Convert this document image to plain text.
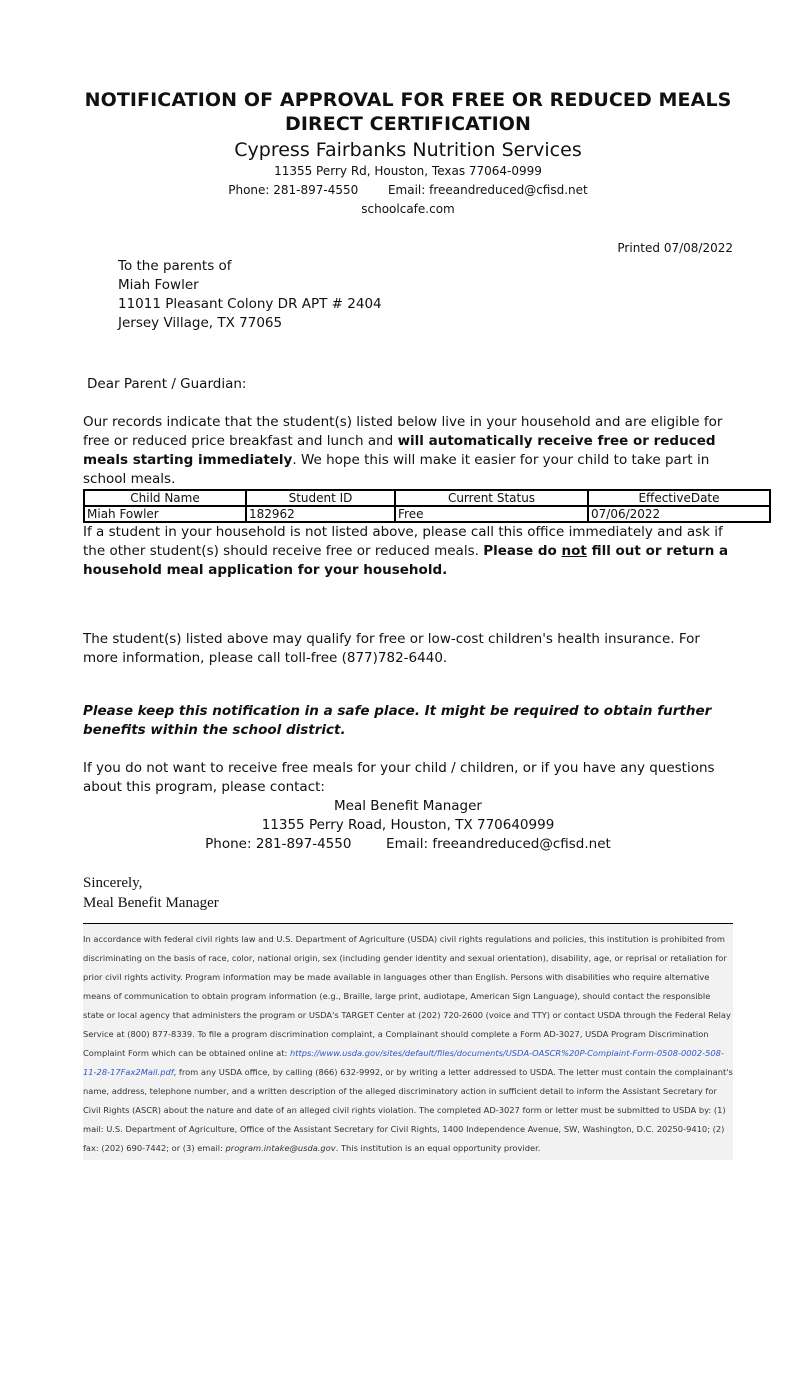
NOTIFICATION OF APPROVAL FOR FREE OR REDUCED MEALS
DIRECT CERTIFICATION
Cypress Fairbanks Nutrition Services
11355 Perry Rd, Houston, Texas 77064-0999
Phone: 281-897-4550 Email: freeandreduced@cfisd.net
schoolcafe.com
Printed 07/08/2022
To the parents of
Miah Fowler
11011 Pleasant Colony DR APT # 2404
Jersey Village, TX 77065
Dear Parent / Guardian:

Our records indicate that the student(s) listed below live in your household and are eligible for free or reduced price breakfast and lunch and will automatically receive free or reduced meals starting immediately. We hope this will make it easier for your child to take part in school meals.

Child Name	Student ID	Current Status	EffectiveDate
Miah Fowler	182962	Free	07/06/2022

If a student in your household is not listed above, please call this office immediately and ask if the other student(s) should receive free or reduced meals. Please do not fill out or return a household meal application for your household.

The student(s) listed above may qualify for free or low-cost children's health insurance. For more information, please call toll-free (877)782-6440.

Please keep this notification in a safe place. It might be required to obtain further benefits within the school district.

If you do not want to receive free meals for your child / children, or if you have any questions about this program, please contact:

Meal Benefit Manager
11355 Perry Road, Houston, TX 770640999
Phone: 281-897-4550	Email: freeandreduced@cfisd.net
Sincerely,
Meal Benefit Manager
In accordance with federal civil rights law and U.S. Department of Agriculture (USDA) civil rights regulations and policies, this institution is prohibited from discriminating on the basis of race, color, national origin, sex (including gender identity and sexual orientation), disability, age, or reprisal or retaliation for prior civil rights activity. Program information may be made available in languages other than English. Persons with disabilities who require alternative means of communication to obtain program information (e.g., Braille, large print, audiotape, American Sign Language), should contact the responsible state or local agency that administers the program or USDA's TARGET Center at (202) 720-2600 (voice and TTY) or contact USDA through the Federal Relay Service at (800) 877-8339. To file a program discrimination complaint, a Complainant should complete a Form AD-3027, USDA Program Discrimination Complaint Form which can be obtained online at: https://www.usda.gov/sites/default/files/documents/USDA-OASCR%20P-Complaint-Form-0508-0002-508-11-28-17Fax2Mail.pdf, from any USDA office, by calling (866) 632-9992, or by writing a letter addressed to USDA. The letter must contain the complainant's name, address, telephone number, and a written description of the alleged discriminatory action in sufficient detail to inform the Assistant Secretary for Civil Rights (ASCR) about the nature and date of an alleged civil rights violation. The completed AD-3027 form or letter must be submitted to USDA by: (1) mail: U.S. Department of Agriculture, Office of the Assistant Secretary for Civil Rights, 1400 Independence Avenue, SW, Washington, D.C. 20250-9410; (2) fax: (202) 690-7442; or (3) email: program.intake@usda.gov. This institution is an equal opportunity provider.
